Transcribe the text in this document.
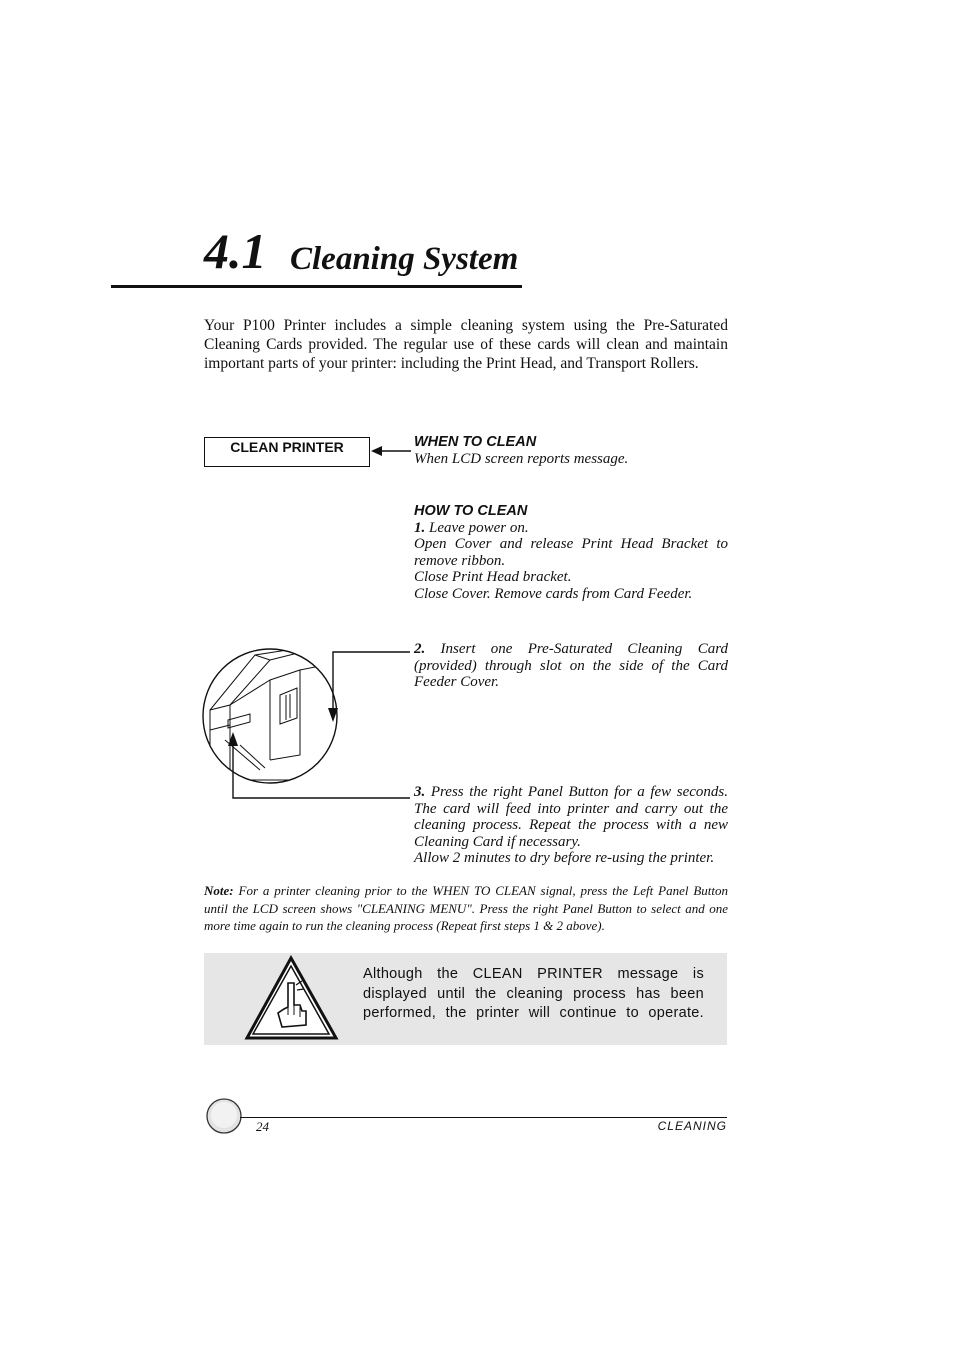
4.1 Cleaning System
Your P100 Printer includes a simple cleaning system using the Pre-Saturated Cleaning Cards provided. The regular use of these cards will clean and maintain important parts of your printer: including the Print Head, and Transport Rollers.
CLEAN PRINTER	WHEN TO CLEAN
When LCD screen reports message.
HOW TO CLEAN
1. Leave power on.
Open Cover and release Print Head Bracket to remove ribbon.
Close Print Head bracket.
Close Cover. Remove cards from Card Feeder.
2. Insert one Pre-Saturated Cleaning Card (provided) through slot on the side of the Card Feeder Cover.
3. Press the right Panel Button for a few seconds. The card will feed into printer and carry out the cleaning process. Repeat the process with a new Cleaning Card if necessary.
Allow 2 minutes to dry before re-using the printer.
Note: For a printer cleaning prior to the WHEN TO CLEAN signal, press the Left Panel Button until the LCD screen shows "CLEANING MENU". Press the right Panel Button to select and one more time again to run the cleaning process (Repeat first steps 1 & 2 above).
Although the CLEAN PRINTER message is displayed until the cleaning process has been performed, the printer will continue to operate.
24	CLEANING
